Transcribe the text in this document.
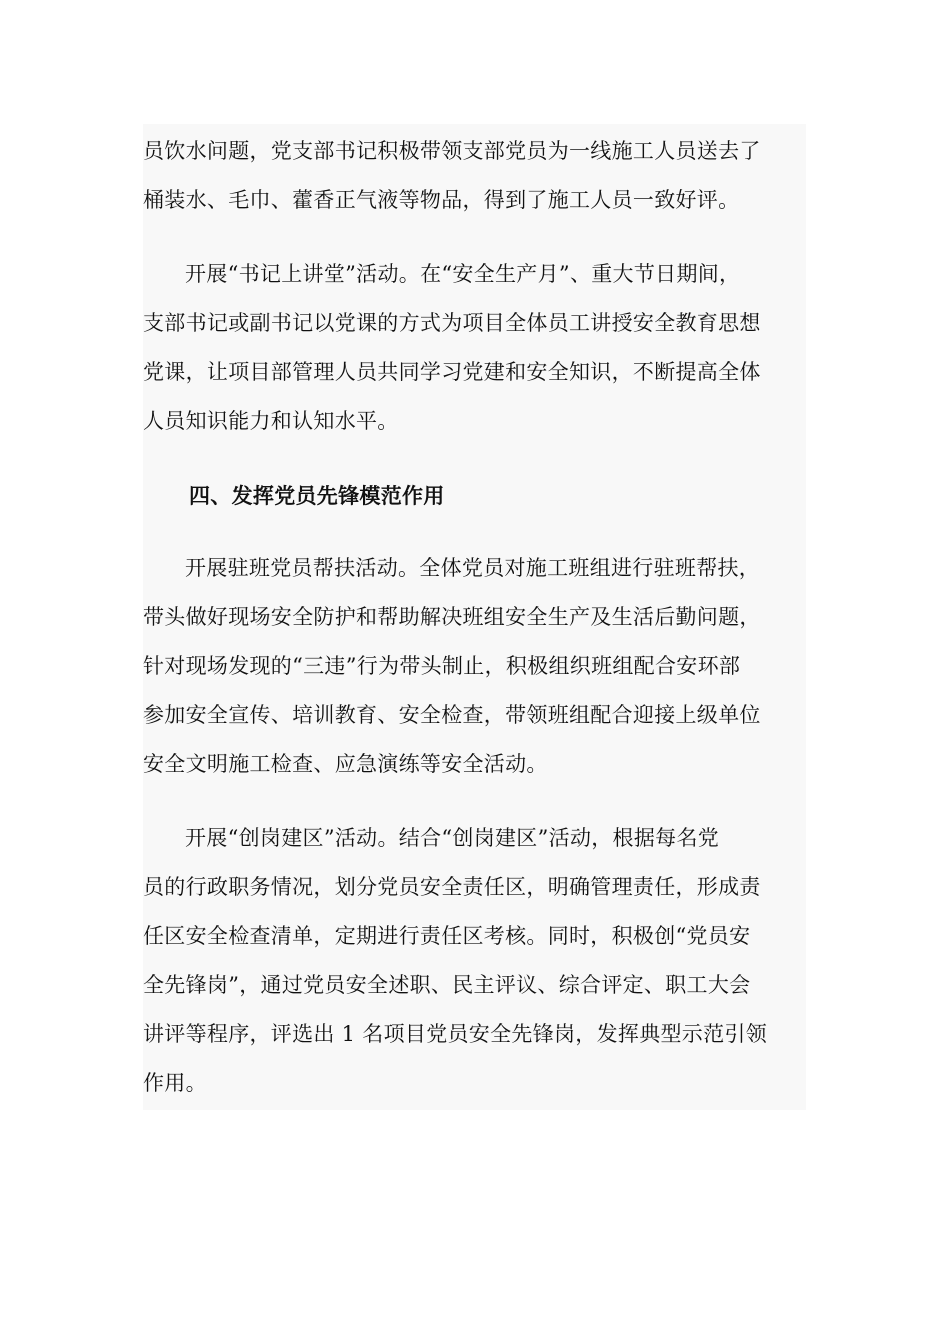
员饮水问题，党支部书记积极带领支部党员为一线施工人员送去了

桶装水、毛巾、藿香正气液等物品，得到了施工人员一致好评。

开展“书记上讲堂”活动。在“安全生产月”、重大节日期间，

支部书记或副书记以党课的方式为项目全体员工讲授安全教育思想

党课，让项目部管理人员共同学习党建和安全知识，不断提高全体

人员知识能力和认知水平。

四、发挥党员先锋模范作用

开展驻班党员帮扶活动。全体党员对施工班组进行驻班帮扶，

带头做好现场安全防护和帮助解决班组安全生产及生活后勤问题，

针对现场发现的“三违”行为带头制止，积极组织班组配合安环部

参加安全宣传、培训教育、安全检查，带领班组配合迎接上级单位

安全文明施工检查、应急演练等安全活动。

开展“创岗建区”活动。结合“创岗建区”活动，根据每名党

员的行政职务情况，划分党员安全责任区，明确管理责任，形成责

任区安全检查清单，定期进行责任区考核。同时，积极创“党员安

全先锋岗”，通过党员安全述职、民主评议、综合评定、职工大会

讲评等程序，评选出 1 名项目党员安全先锋岗，发挥典型示范引领

作用。
